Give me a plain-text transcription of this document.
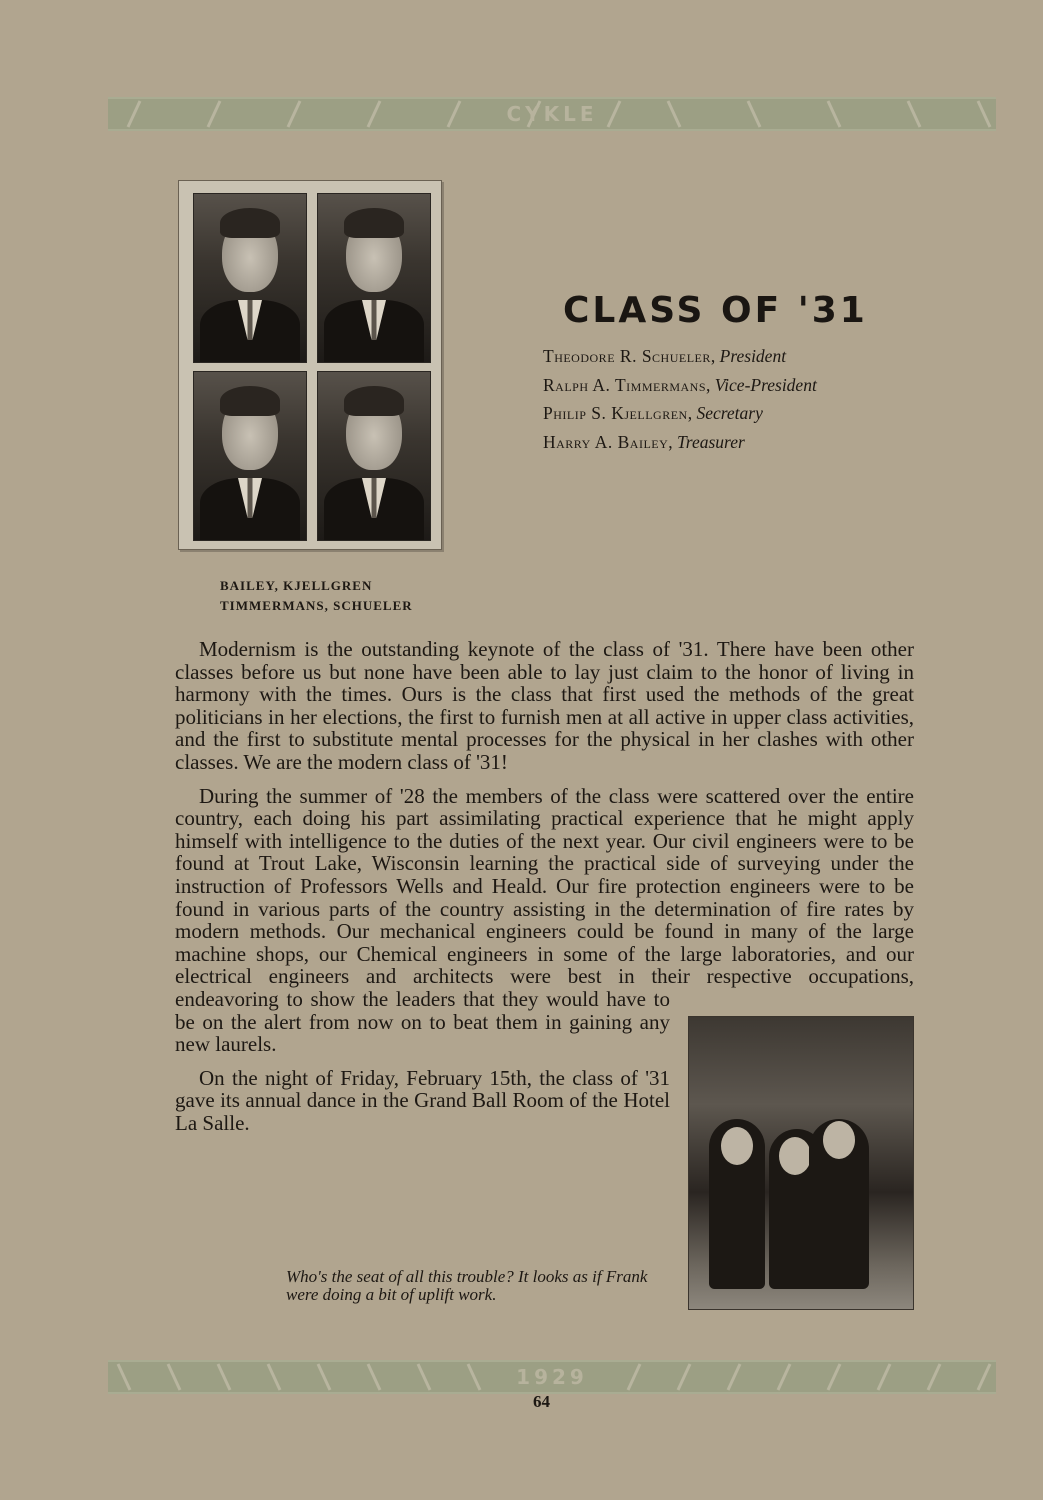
CYKLE
CLASS OF '31
Theodore R. Schueler, President
Ralph A. Timmermans, Vice-President
Philip S. Kjellgren, Secretary
Harry A. Bailey, Treasurer
BAILEY, KJELLGREN
TIMMERMANS, SCHUELER

Modernism is the outstanding keynote of the class of '31. There have been other classes before us but none have been able to lay just claim to the honor of living in harmony with the times. Ours is the class that first used the methods of the great politicians in her elections, the first to furnish men at all active in upper class activities, and the first to substitute mental processes for the physical in her clashes with other classes. We are the modern class of '31!

During the summer of '28 the members of the class were scattered over the entire country, each doing his part assimilating practical experience that he might apply himself with intelligence to the duties of the next year. Our civil engineers were to be found at Trout Lake, Wisconsin learning the practical side of surveying under the instruction of Professors Wells and Heald. Our fire protection engineers were to be found in various parts of the country assisting in the determination of fire rates by modern methods. Our mechanical engineers could be found in many of the large machine shops, our Chemical engineers in some of the large laboratories, and our electrical engineers and architects were best in their respective occupations, endeavoring to show the leaders that they would have to be on the alert from now on to beat them in gaining any new laurels.

On the night of Friday, February 15th, the class of '31 gave its annual dance in the Grand Ball Room of the Hotel La Salle.

Who's the seat of all this trouble? It looks as if Frank were doing a bit of uplift work.
1929
64
